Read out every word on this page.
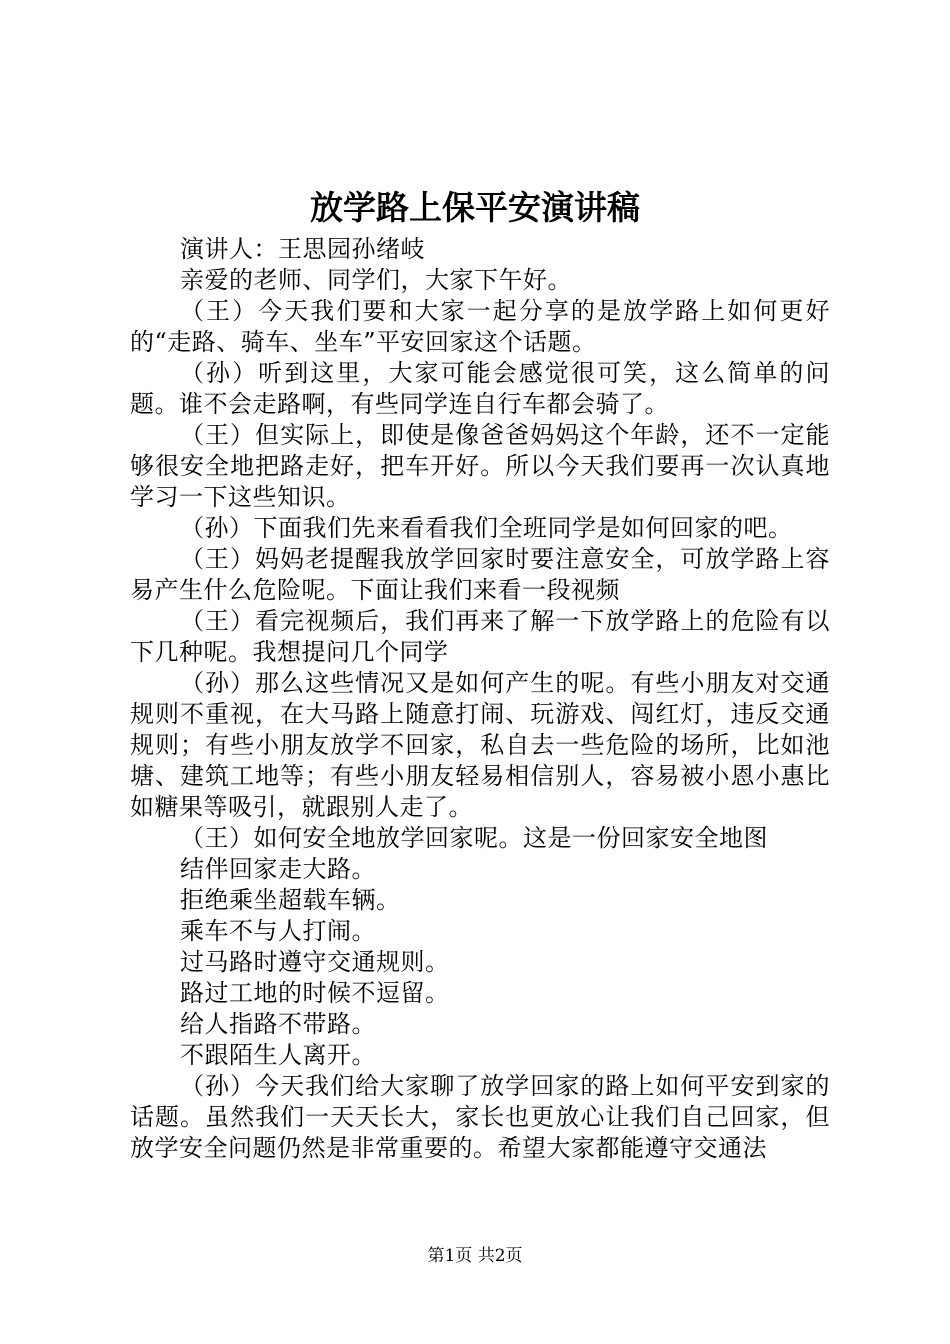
放学路上保平安演讲稿

演讲人：王思园孙绪岐

亲爱的老师、同学们，大家下午好。

（王）今天我们要和大家一起分享的是放学路上如何更好的“走路、骑车、坐车”平安回家这个话题。

（孙）听到这里，大家可能会感觉很可笑，这么简单的问题。谁不会走路啊，有些同学连自行车都会骑了。

（王）但实际上，即使是像爸爸妈妈这个年龄，还不一定能够很安全地把路走好，把车开好。所以今天我们要再一次认真地学习一下这些知识。

（孙）下面我们先来看看我们全班同学是如何回家的吧。

（王）妈妈老提醒我放学回家时要注意安全，可放学路上容易产生什么危险呢。下面让我们来看一段视频

（王）看完视频后，我们再来了解一下放学路上的危险有以下几种呢。我想提问几个同学

（孙）那么这些情况又是如何产生的呢。有些小朋友对交通规则不重视，在大马路上随意打闹、玩游戏、闯红灯，违反交通规则；有些小朋友放学不回家，私自去一些危险的场所，比如池塘、建筑工地等；有些小朋友轻易相信别人，容易被小恩小惠比如糖果等吸引，就跟别人走了。

（王）如何安全地放学回家呢。这是一份回家安全地图

结伴回家走大路。

拒绝乘坐超载车辆。

乘车不与人打闹。

过马路时遵守交通规则。

路过工地的时候不逗留。

给人指路不带路。

不跟陌生人离开。

（孙）今天我们给大家聊了放学回家的路上如何平安到家的话题。虽然我们一天天长大，家长也更放心让我们自己回家，但放学安全问题仍然是非常重要的。希望大家都能遵守交通法

第1页 共2页
